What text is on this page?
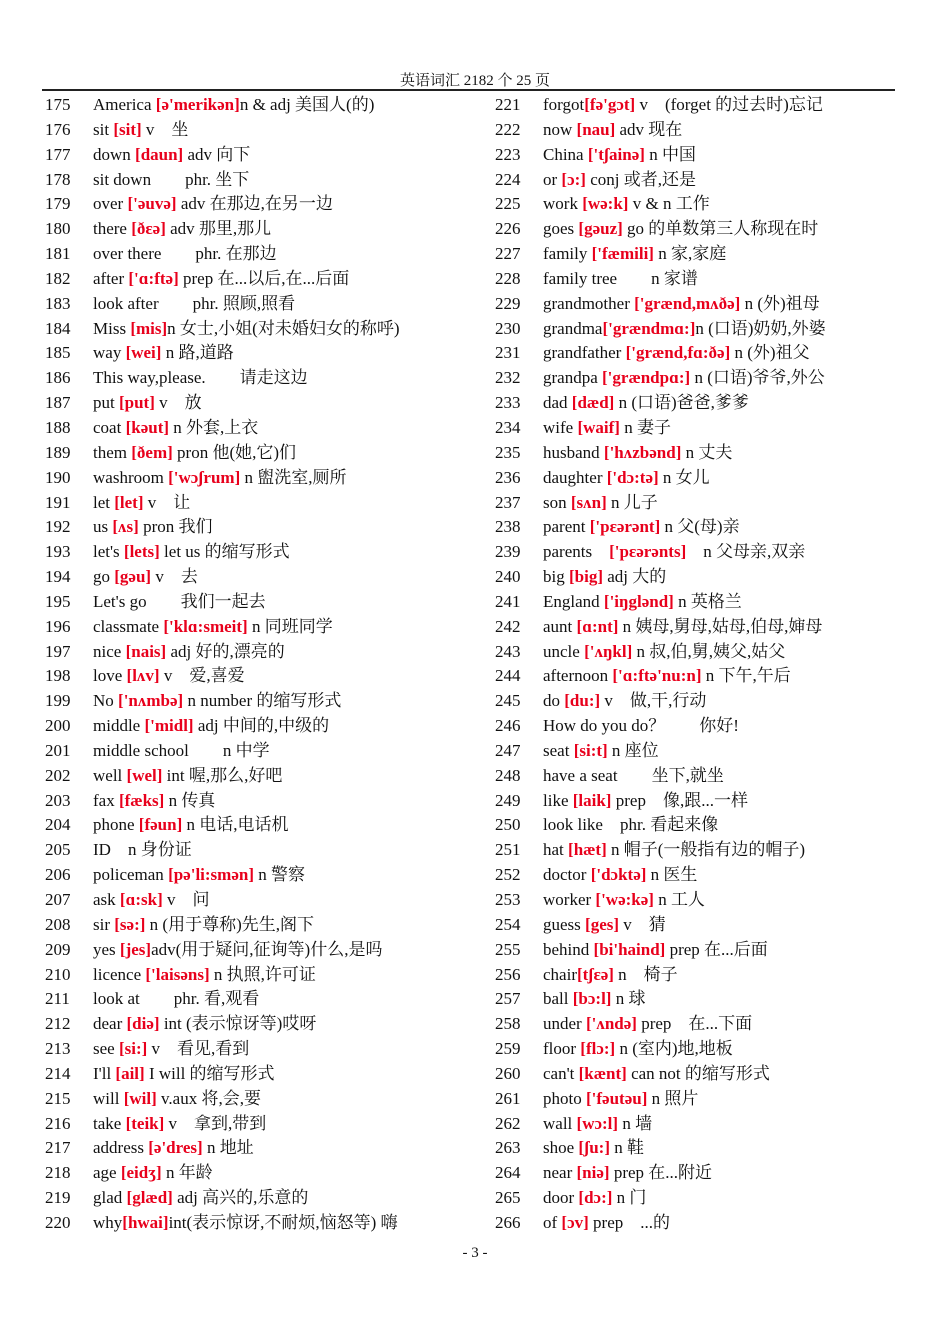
英语词汇 2182 个 25 页
175 America [ə'merikən]n & adj 美国人(的)
176 sit [sit] v　坐
177 down [daun] adv 向下
178 sit down　　phr. 坐下
179 over ['əuvə] adv 在那边,在另一边
180 there [ðɛə] adv 那里,那儿
181 over there　　phr. 在那边
182 after ['ɑ:ftə] prep 在...以后,在...后面
183 look after　　phr. 照顾,照看
184 Miss [mis]n 女士,小姐(对未婚妇女的称呼)
185 way [wei] n 路,道路
186 This way,please.　　请走这边
187 put [put] v　放
188 coat [kəut] n 外套,上衣
189 them [ðem] pron 他(她,它)们
190 washroom ['wɔʃrum] n 盥洗室,厕所
191 let [let] v　让
192 us [ʌs] pron 我们
193 let's [lets] let us 的缩写形式
194 go [gəu] v　去
195 Let's go　　我们一起去
196 classmate ['klɑ:smeit] n 同班同学
197 nice [nais] adj 好的,漂亮的
198 love [lʌv] v　爱,喜爱
199 No ['nʌmbə] n number 的缩写形式
200 middle ['midl] adj 中间的,中级的
201 middle school　　n 中学
202 well [wel] int 喔,那么,好吧
203 fax [fæks] n 传真
204 phone [fəun] n 电话,电话机
205 ID　n 身份证
206 policeman [pə'li:smən] n 警察
207 ask [ɑ:sk] v　问
208 sir [sə:] n (用于尊称)先生,阁下
209 yes [jes]adv(用于疑问,征询等)什么,是吗
210 licence ['laisəns] n 执照,许可证
211 look at　　phr. 看,观看
212 dear [diə] int (表示惊讶等)哎呀
213 see [si:] v　看见,看到
214 I'll [ail] I will 的缩写形式
215 will [wil] v.aux 将,会,要
216 take [teik] v　拿到,带到
217 address [ə'dres] n 地址
218 age [eidʒ] n 年龄
219 glad [glæd] adj 高兴的,乐意的
220 why[hwai]int(表示惊讶,不耐烦,恼怒等) 嗨
221 forgot[fə'gɔt] v　(forget 的过去时)忘记
222 now [nau] adv 现在
223 China ['tʃainə] n 中国
224 or [ɔ:] conj 或者,还是
225 work [wə:k] v & n 工作
226 goes [gəuz] go 的单数第三人称现在时
227 family ['fæmili] n 家,家庭
228 family tree　　n 家谱
229 grandmother ['grænd,mʌðə] n (外)祖母
230 grandma['grændmɑ:]n (口语)奶奶,外婆
231 grandfather ['grænd,fɑ:ðə] n (外)祖父
232 grandpa ['grændpɑ:] n (口语)爷爷,外公
233 dad [dæd] n (口语)爸爸,爹爹
234 wife [waif] n 妻子
235 husband ['hʌzbənd] n 丈夫
236 daughter ['dɔ:tə] n 女儿
237 son [sʌn] n 儿子
238 parent ['pɛərənt] n 父(母)亲
239 parents　['pɛərənts]　n 父母亲,双亲
240 big [big] adj 大的
241 England ['iŋglənd] n 英格兰
242 aunt [ɑ:nt] n 姨母,舅母,姑母,伯母,婶母
243 uncle ['ʌŋkl] n 叔,伯,舅,姨父,姑父
244 afternoon ['ɑ:ftə'nu:n] n 下午,午后
245 do [du:] v　做,干,行动
246 How do you do？　　你好!
247 seat [si:t] n 座位
248 have a seat　　坐下,就坐
249 like [laik] prep　像,跟...一样
250 look like　phr. 看起来像
251 hat [hæt] n 帽子(一般指有边的帽子)
252 doctor ['dɔktə] n 医生
253 worker ['wə:kə] n 工人
254 guess [ges] v　猜
255 behind [bi'haind] prep 在...后面
256 chair[tʃɛə] n　椅子
257 ball [bɔ:l] n 球
258 under ['ʌndə] prep　在...下面
259 floor [flɔ:] n (室内)地,地板
260 can't [kænt] can not 的缩写形式
261 photo ['fəutəu] n 照片
262 wall [wɔ:l] n 墙
263 shoe [ʃu:] n 鞋
264 near [niə] prep 在...附近
265 door [dɔ:] n 门
266 of [ɔv] prep　...的
- 3 -
